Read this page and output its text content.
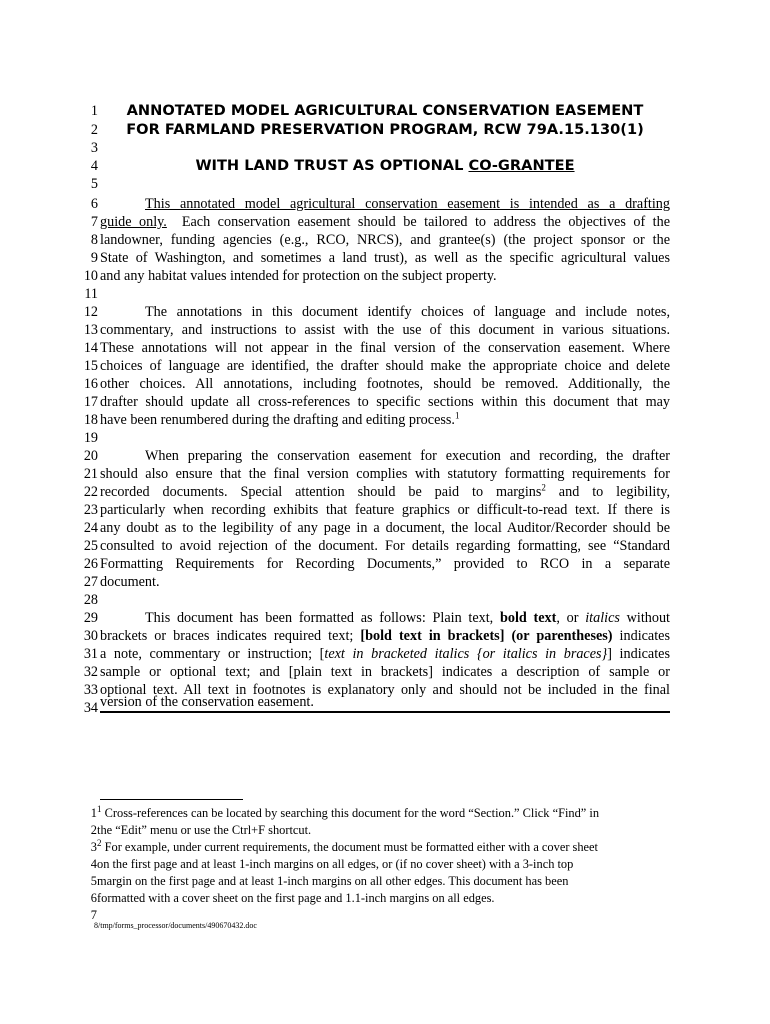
1
2
3
4
5
6
7
8
9
10
11
12
13
14
15
16
17
18
19
20
21
22
23
24
25
26
27
28
29
30
31
32
33
34
ANNOTATED MODEL AGRICULTURAL CONSERVATION EASEMENT
FOR FARMLAND PRESERVATION PROGRAM, RCW 79A.15.130(1)
WITH LAND TRUST AS OPTIONAL CO-GRANTEE
This annotated model agricultural conservation easement is intended as a drafting
guide only.  Each conservation easement should be tailored to address the objectives of the
landowner, funding agencies (e.g., RCO, NRCS), and grantee(s) (the project sponsor or the
State of Washington, and sometimes a land trust), as well as the specific agricultural values
and any habitat values intended for protection on the subject property.
The annotations in this document identify choices of language and include notes,
commentary, and instructions to assist with the use of this document in various situations.
These annotations will not appear in the final version of the conservation easement. Where
choices of language are identified, the drafter should make the appropriate choice and delete
other choices. All annotations, including footnotes, should be removed. Additionally, the
drafter should update all cross-references to specific sections within this document that may
have been renumbered during the drafting and editing process.$^1$
When preparing the conservation easement for execution and recording, the drafter
should also ensure that the final version complies with statutory formatting requirements for
recorded documents. Special attention should be paid to margins$^2$ and to legibility,
particularly when recording exhibits that feature graphics or difficult-to-read text. If there is
any doubt as to the legibility of any page in a document, the local Auditor/Recorder should be
consulted to avoid rejection of the document. For details regarding formatting, see “Standard
Formatting Requirements for Recording Documents,” provided to RCO in a separate
document.
This document has been formatted as follows: Plain text, bold text, or italics without
brackets or braces indicates required text; [bold text in brackets] (or parentheses) indicates
a note, commentary or instruction; [text in bracketed italics {or italics in braces}] indicates
sample or optional text; and [plain text in brackets] indicates a description of sample or
optional text. All text in footnotes is explanatory only and should not be included in the final
version of the conservation easement.
1
2
3
4
5
6
7
$^1$ Cross-references can be located by searching this document for the word “Section.” Click “Find” in
the “Edit” menu or use the Ctrl+F shortcut.
$^2$ For example, under current requirements, the document must be formatted either with a cover sheet
on the first page and at least 1-inch margins on all edges, or (if no cover sheet) with a 3-inch top
margin on the first page and at least 1-inch margins on all other edges. This document has been
formatted with a cover sheet on the first page and 1.1-inch margins on all edges.
8/tmp/forms_processor/documents/490670432.doc
